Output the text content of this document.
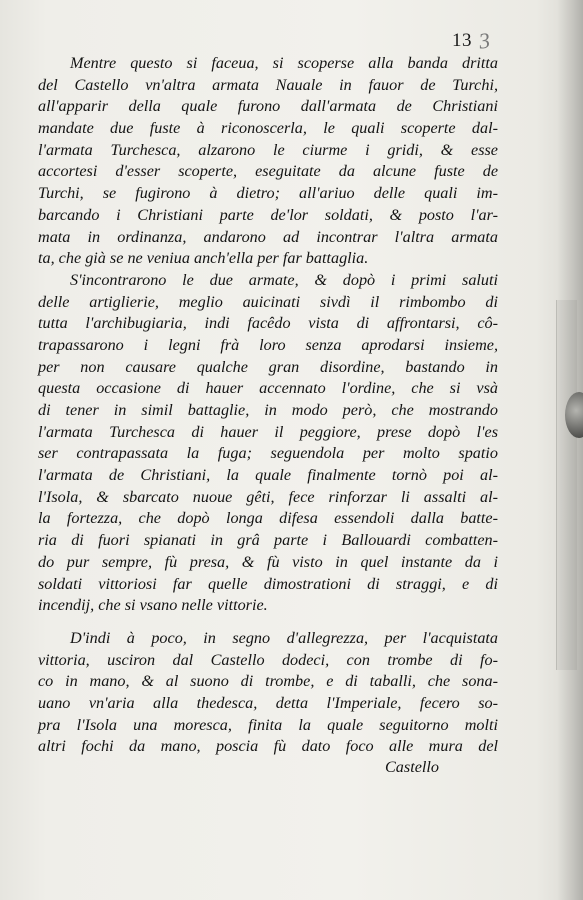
13 3
Mentre questo si faceua, si scoperse alla banda dritta
del Castello vn'altra armata Nauale in fauor de Turchi,
all'apparir della quale furono dall'armata de Christiani
mandate due fuste à riconoscerla, le quali scoperte dal-
l'armata Turchesca, alzarono le ciurme i gridi, & esse
accortesi d'esser scoperte, eseguitate da alcune fuste de
Turchi, se fugirono à dietro; all'ariuo delle quali im-
barcando i Christiani parte de'lor soldati, & posto l'ar-
mata in ordinanza, andarono ad incontrar l'altra armata
ta, che già se ne veniua anch'ella per far battaglia.
S'incontrarono le due armate, & dopò i primi saluti
delle artiglierie, meglio auicinati sivdì il rimbombo di
tutta l'archibugiaria, indi facêdo vista di affrontarsi, cô-
trapassarono i legni frà loro senza aprodarsi insieme,
per non causare qualche gran disordine, bastando in
questa occasione di hauer accennato l'ordine, che si vsà
di tener in simil battaglie, in modo però, che mostrando
l'armata Turchesca di hauer il peggiore, prese dopò l'es
ser contrapassata la fuga; seguendola per molto spatio
l'armata de Christiani, la quale finalmente tornò poi al-
l'Isola, & sbarcato nuoue gêti, fece rinforzar li assalti al-
la fortezza, che dopò longa difesa essendoli dalla batte-
ria di fuori spianati in grâ parte i Ballouardi combatten-
do pur sempre, fù presa, & fù visto in quel instante da i
soldati vittoriosi far quelle dimostrationi di straggi, e di
incendij, che si vsano nelle vittorie.
D'indi à poco, in segno d'allegrezza, per l'acquistata
vittoria, usciron dal Castello dodeci, con trombe di fo-
co in mano, & al suono di trombe, e di taballi, che sona-
uano vn'aria alla thedesca, detta l'Imperiale, fecero so-
pra l'Isola una moresca, finita la quale seguitorno molti
altri fochi da mano, poscia fù dato foco alle mura del
Castello
